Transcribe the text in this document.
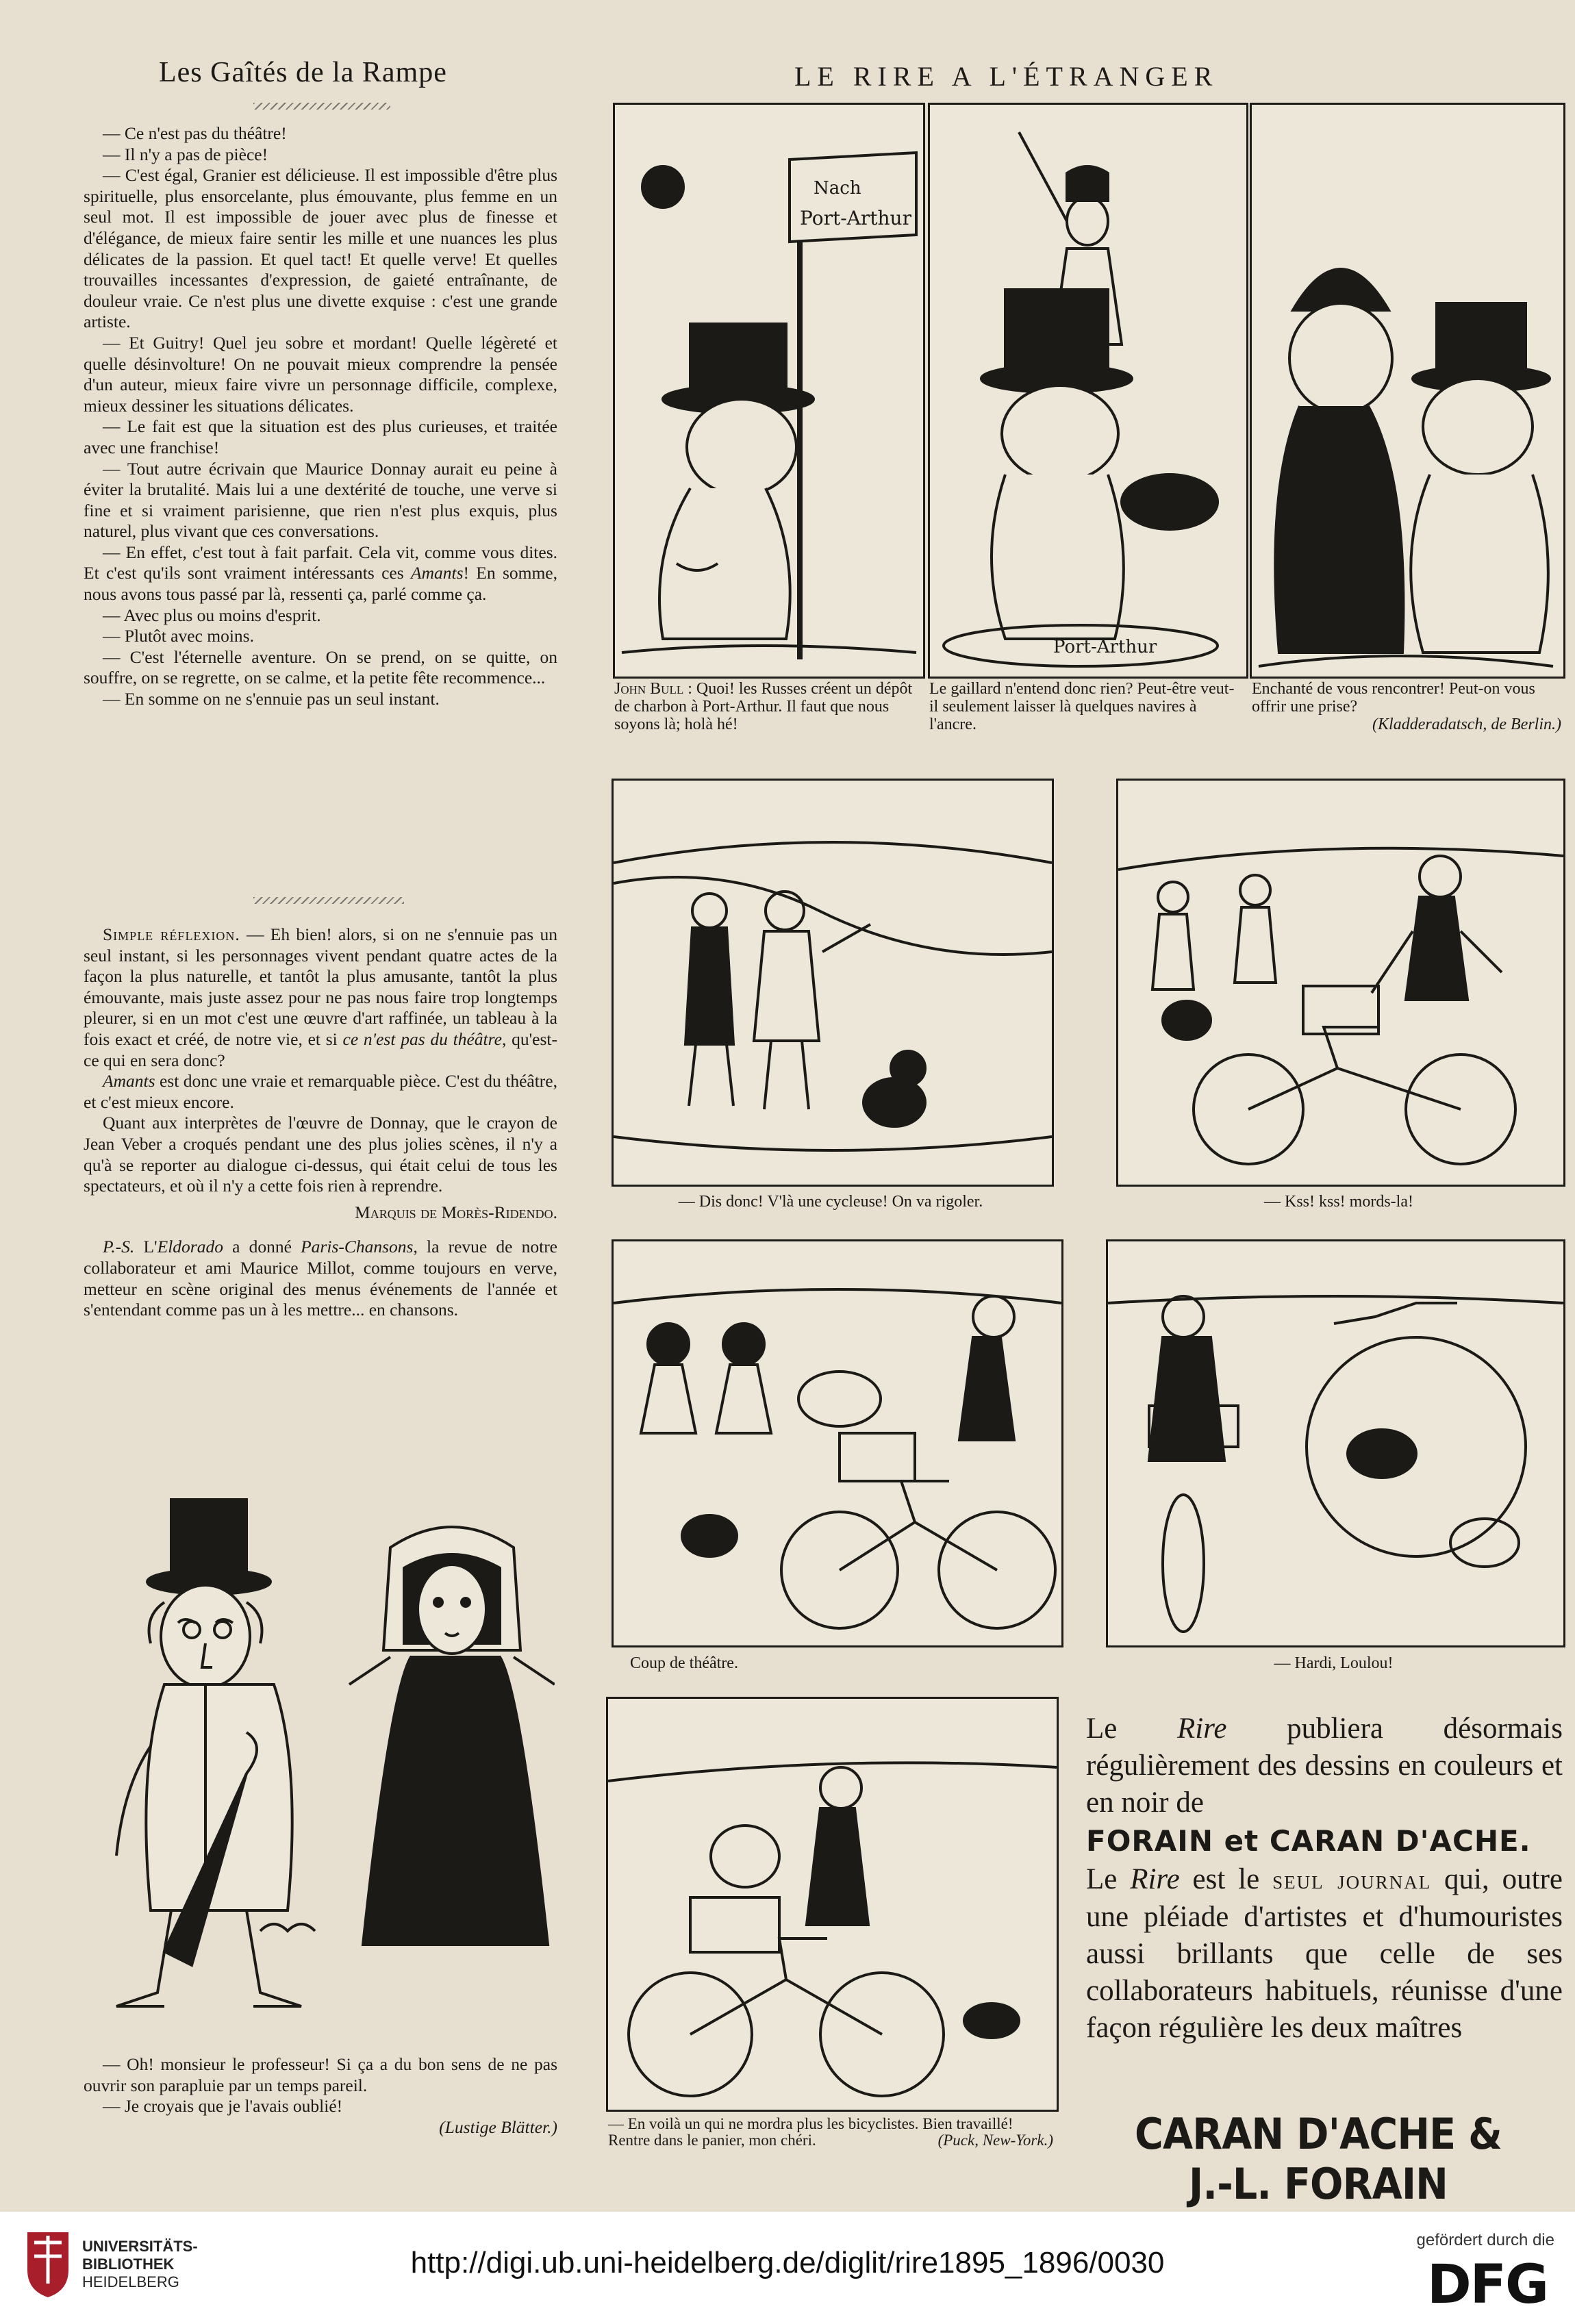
Les Gaîtés de la Rampe

— Ce n'est pas du théâtre!

— Il n'y a pas de pièce!

— C'est égal, Granier est délicieuse. Il est impossible d'être plus spirituelle, plus ensorcelante, plus émouvante, plus femme en un seul mot. Il est impossible de jouer avec plus de finesse et d'élégance, de mieux faire sentir les mille et une nuances les plus délicates de la passion. Et quel tact! Et quelle verve! Et quelles trouvailles incessantes d'expression, de gaieté entraînante, de douleur vraie. Ce n'est plus une divette exquise : c'est une grande artiste.

— Et Guitry! Quel jeu sobre et mordant! Quelle légèreté et quelle désinvolture! On ne pouvait mieux comprendre la pensée d'un auteur, mieux faire vivre un personnage difficile, complexe, mieux dessiner les situations délicates.

— Le fait est que la situation est des plus curieuses, et traitée avec une franchise!

— Tout autre écrivain que Maurice Donnay aurait eu peine à éviter la brutalité. Mais lui a une dextérité de touche, une verve si fine et si vraiment parisienne, que rien n'est plus exquis, plus naturel, plus vivant que ces conversations.

— En effet, c'est tout à fait parfait. Cela vit, comme vous dites. Et c'est qu'ils sont vraiment intéressants ces Amants! En somme, nous avons tous passé par là, ressenti ça, parlé comme ça.

— Avec plus ou moins d'esprit.

— Plutôt avec moins.

— C'est l'éternelle aventure. On se prend, on se quitte, on souffre, on se regrette, on se calme, et la petite fête recommence...

— En somme on ne s'ennuie pas un seul instant.

Simple réflexion. — Eh bien! alors, si on ne s'ennuie pas un seul instant, si les personnages vivent pendant quatre actes de la façon la plus naturelle, et tantôt la plus amusante, tantôt la plus émouvante, mais juste assez pour ne pas nous faire trop longtemps pleurer, si en un mot c'est une œuvre d'art raffinée, un tableau à la fois exact et créé, de notre vie, et si ce n'est pas du théâtre, qu'est-ce qui en sera donc?

Amants est donc une vraie et remarquable pièce. C'est du théâtre, et c'est mieux encore.

Quant aux interprètes de l'œuvre de Donnay, que le crayon de Jean Veber a croqués pendant une des plus jolies scènes, il n'y a qu'à se reporter au dialogue ci-dessus, qui était celui de tous les spectateurs, et où il n'y a cette fois rien à reprendre.

Marquis de Morès-Ridendo.

P.-S. L'Eldorado a donné Paris-Chansons, la revue de notre collaborateur et ami Maurice Millot, comme toujours en verve, metteur en scène original des menus événements de l'année et s'entendant comme pas un à les mettre... en chansons.

— Oh! monsieur le professeur! Si ça a du bon sens de ne pas ouvrir son parapluie par un temps pareil.

— Je croyais que je l'avais oublié!

(Lustige Blätter.)

LE RIRE A L'ÉTRANGER
Nach
Port-Arthur
Port-Arthur
John Bull : Quoi! les Russes créent un dépôt de charbon à Port-Arthur. Il faut que nous soyons là; holà hé!
Le gaillard n'entend donc rien? Peut-être veut-il seulement laisser là quelques navires à l'ancre.
Enchanté de vous rencontrer! Peut-on vous offrir une prise?
(Kladderadatsch, de Berlin.)
— Dis donc! V'là une cycleuse! On va rigoler.	— Kss! kss! mords-la!
Coup de théâtre.	— Hardi, Loulou!
— En voilà un qui ne mordra plus les bicyclistes. Bien travaillé! Rentre dans le panier, mon chéri.	(Puck, New-York.)
Le Rire publiera désormais régulièrement des dessins en couleurs et en noir de
FORAIN et CARAN D'ACHE.
Le Rire est le seul journal qui, outre une pléiade d'artistes et d'humouristes aussi brillants que celle de ses collaborateurs habituels, réunisse d'une façon régulière les deux maîtres
CARAN D'ACHE & J.-L. FORAIN
UNIVERSITÄTS-
BIBLIOTHEK
HEIDELBERG
http://digi.ub.uni-heidelberg.de/diglit/rire1895_1896/0030
gefördert durch die
DFG
